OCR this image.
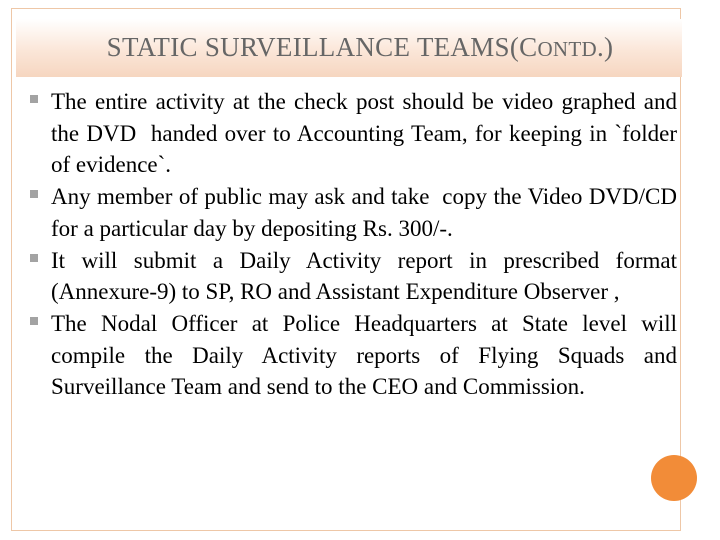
STATIC SURVEILLANCE TEAMS(CONTD.)
The entire activity at the check post should be video graphed and the DVD  handed over to Accounting Team, for keeping in `folder of evidence`.
Any member of public may ask and take  copy the Video DVD/CD for a particular day by depositing Rs. 300/-.
It will submit a Daily Activity report in prescribed format (Annexure-9) to SP, RO and Assistant Expenditure Observer ,
The Nodal Officer at Police Headquarters at State level will compile the Daily Activity reports of Flying Squads and Surveillance Team and send to the CEO and Commission.
